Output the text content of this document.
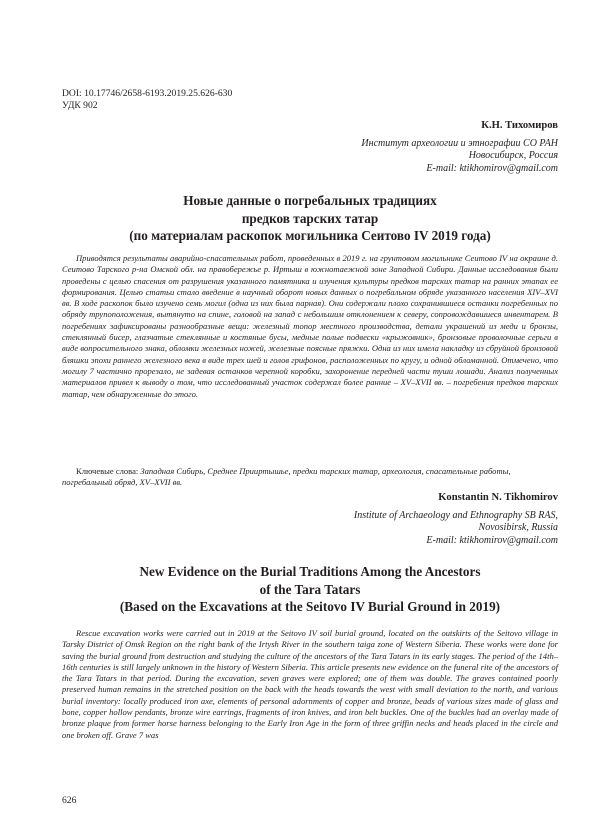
DOI: 10.17746/2658-6193.2019.25.626-630
УДК 902
К.Н. Тихомиров
Институт археологии и этнографии СО РАН
Новосибирск, Россия
E-mail: ktikhomirov@gmail.com
Новые данные о погребальных традициях
предков тарских татар
(по материалам раскопок могильника Сеитово IV 2019 года)

Приводятся результаты аварийно-спасательных работ, проведенных в 2019 г. на грунтовом могильнике Сеитово IV на окраине д. Сеитово Тарского р-на Омской обл. на правобережье р. Иртыш в южнотаежной зоне Западной Сибири. Данные исследования были проведены с целью спасения от разрушения указанного памятника и изучения культуры предков тарских татар на ранних этапах ее формирования. Целью статьи стало введение в научный оборот новых данных о погребальном обряде указанного населения XIV–XVI вв. В ходе раскопок было изучено семь могил (одна из них была парная). Они содержали плохо сохранившиеся останки погребенных по обряду трупоположения, вытянуто на спине, головой на запад с небольшим отклонением к северу, сопровождавшиеся инвентарем. В погребениях зафиксированы разнообразные вещи: железный топор местного производства, детали украшений из меди и бронзы, стеклянный бисер, глазчатые стеклянные и костяные бусы, медные полые подвески «крыжовник», бронзовые проволочные серьги в виде вопросительного знака, обломки железных ножей, железные поясные пряжки. Одна из них имела накладку из сбруйной бронзовой бляшки эпохи раннего железного века в виде трех шей и голов грифонов, расположенных по кругу, и одной обломанной. Отмечено, что могилу 7 частично прорезало, не задевая останков черепной коробки, захоронение передней части туши лошади. Анализ полученных материалов привел к выводу о том, что исследованный участок содержал более ранние – XV–XVII вв. – погребения предков тарских татар, чем обнаруженные до этого.

Ключевые слова: Западная Сибирь, Среднее Прииртышье, предки тарских татар, археология, спасательные работы, погребальный обряд, XV–XVII вв.

Konstantin N. Tikhomirov
Institute of Archaeology and Ethnography SB RAS,
Novosibirsk, Russia
E-mail: ktikhomirov@gmail.com
New Evidence on the Burial Traditions Among the Ancestors
of the Tara Tatars
(Based on the Excavations at the Seitovo IV Burial Ground in 2019)

Rescue excavation works were carried out in 2019 at the Seitovo IV soil burial ground, located on the outskirts of the Seitovo village in Tarsky District of Omsk Region on the right bank of the Irtysh River in the southern taiga zone of Western Siberia. These works were done for saving the burial ground from destruction and studying the culture of the ancestors of the Tara Tatars in its early stages. The period of the 14th–16th centuries is still largely unknown in the history of Western Siberia. This article presents new evidence on the funeral rite of the ancestors of the Tara Tatars in that period. During the excavation, seven graves were explored; one of them was double. The graves contained poorly preserved human remains in the stretched position on the back with the heads towards the west with small deviation to the north, and various burial inventory: locally produced iron axe, elements of personal adornments of copper and bronze, beads of various sizes made of glass and bone, copper hollow pendants, bronze wire earrings, fragments of iron knives, and iron belt buckles. One of the buckles had an overlay made of bronze plaque from former horse harness belonging to the Early Iron Age in the form of three griffin necks and heads placed in the circle and one broken off. Grave 7 was

626
